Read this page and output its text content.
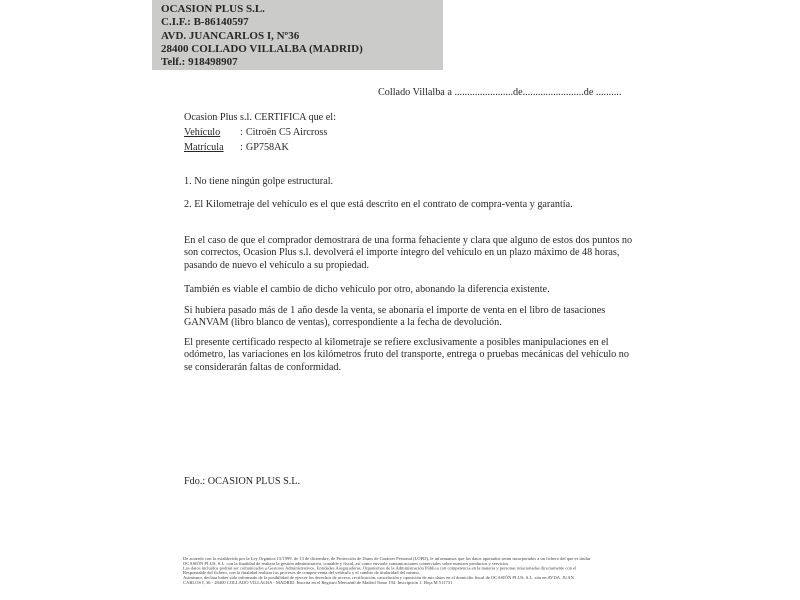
OCASION PLUS S.L.
C.I.F.: B-86140597
AVD. JUANCARLOS I, Nº36
28400 COLLADO VILLALBA (MADRID)
Telf.: 918498907
Collado Villalba a .......................de........................de ..........
Ocasion Plus s.l. CERTIFICA que el:
Vehículo : Citroën C5 Aircross
Matrícula : GP758AK
1. No tiene ningún golpe estructural.
2. El Kilometraje del vehículo es el que está descrito en el contrato de compra-venta y garantía.
En el caso de que el comprador demostrara de una forma fehaciente y clara que alguno de estos dos puntos no
son correctos, Ocasion Plus s.l. devolverá el importe íntegro del vehículo en un plazo máximo de 48 horas,
pasando de nuevo el vehículo a su propiedad.
También es viable el cambio de dicho vehículo por otro, abonando la diferencia existente.
Si hubiera pasado más de 1 año desde la venta, se abonaría el importe de venta en el libro de tasaciones
GANVAM (libro blanco de ventas), correspondiente a la fecha de devolución.
El presente certificado respecto al kilometraje se refiere exclusivamente a posibles manipulaciones en el
odómetro, las variaciones en los kilómetros fruto del transporte, entrega o pruebas mecánicas del vehículo no
se considerarán faltas de conformidad.
Fdo.: OCASION PLUS S.L.
De acuerdo con lo establecido por la Ley Orgánica 15/1999, de 13 de diciembre, de Protección de Datos de Carácter Personal (LOPD), le informamos que los datos aportados serán incorporados a un fichero del que es titular
OCASIÓN PLUS, S.L. con la finalidad de realizar la gestión administrativa, contable y fiscal, así como enviarle comunicaciones comerciales sobre nuestros productos y servicios.
Los datos incluidos podrán ser comunicados a Gestores Administrativos, Entidades Aseguradoras, Organismos de la Administración Pública con competencia en la materia y personas relacionadas directamente con el
Responsable del fichero, con la finalidad realizar los procesos de compra-venta del vehículo y el cambio de titularidad del mismo.
Asimismo, declara haber sido informado de la posibilidad de ejercer los derechos de acceso, rectificación, cancelación y oposición de mis datos en el domicilio fiscal de OCASIÓN PLUS, S.L. sito en AVDA. JUAN
CARLOS I, 36 - 28400 COLLADO VILLALBA - MADRID. Inscrita en el Registro Mercantil de Madrid Tomo 194. Inscripción 1. Hoja M 511731
